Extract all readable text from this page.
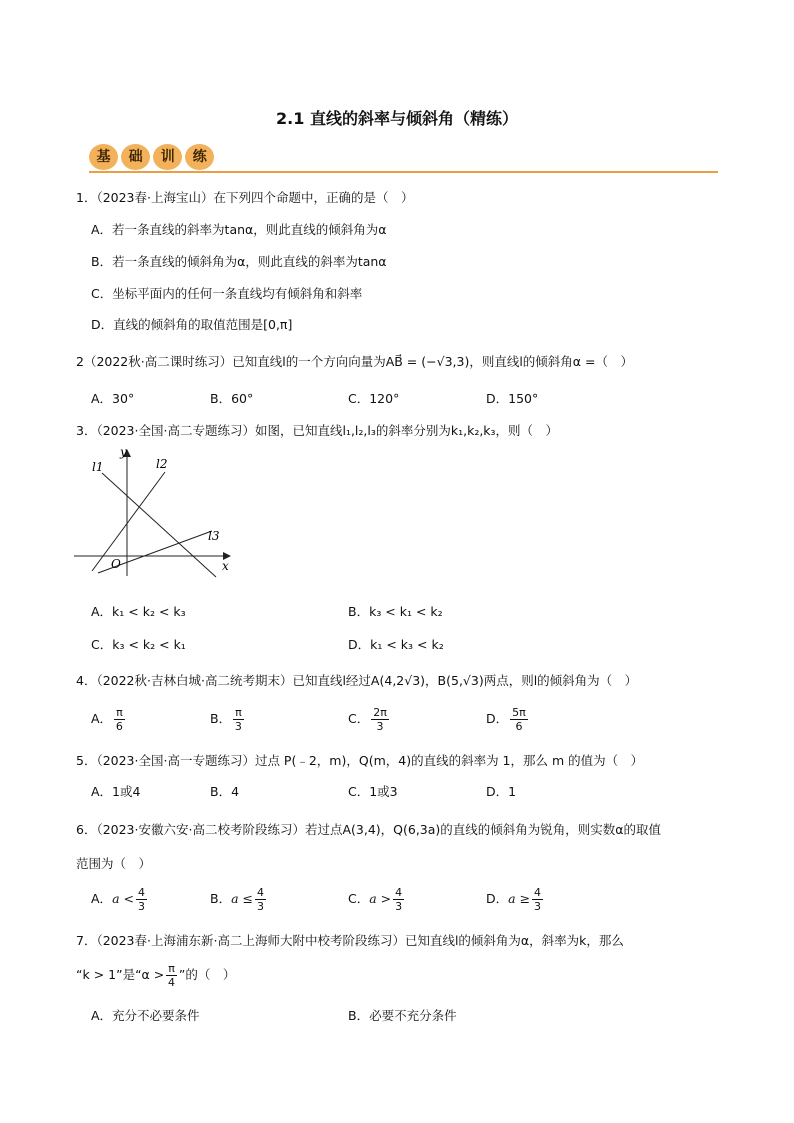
2.1 直线的斜率与倾斜角（精练）
基 础 训 练
1．（2023春·上海宝山）在下列四个命题中，正确的是（　）
A．若一条直线的斜率为tanα，则此直线的倾斜角为α
B．若一条直线的倾斜角为α，则此直线的斜率为tanα
C．坐标平面内的任何一条直线均有倾斜角和斜率
D．直线的倾斜角的取值范围是[0,π]
2（2022秋·高二课时练习）已知直线l的一个方向向量为AB⃗ = (−√3,3)，则直线l的倾斜角α =（　）
A．30°	B．60°	C．120°	D．150°
3．（2023·全国·高二专题练习）如图，已知直线l₁,l₂,l₃的斜率分别为k₁,k₂,k₃，则（　）
y
x
O
l1	l2
l3
A．k₁ < k₂ < k₃	B．k₃ < k₁ < k₂
C．k₃ < k₂ < k₁	D．k₁ < k₃ < k₂
4．（2022秋·吉林白城·高二统考期末）已知直线l经过A(4,2√3)，B(5,√3)两点，则l的倾斜角为（　）
A． $\frac{\pi}{6}$	B． $\frac{\pi}{3}$	C． $\frac{2\pi}{3}$	D． $\frac{5\pi}{6}$
5．（2023·全国·高一专题练习）过点 P(﹣2，m)，Q(m，4)的直线的斜率为 1，那么 m 的值为（　）
A．1或4	B．4	C．1或3	D．1
6．（2023·安徽六安·高二校考阶段练习）若过点A(3,4)，Q(6,3a)的直线的倾斜角为锐角，则实数α的取值
范围为（　）
A．$a < \frac{4}{3}$	B．$a \le \frac{4}{3}$	C．$a > \frac{4}{3}$	D．$a \ge \frac{4}{3}$
7．（2023春·上海浦东新·高二上海师大附中校考阶段练习）已知直线l的倾斜角为α，斜率为k，那么
“k > 1”是“$\alpha > \frac{\pi}{4}$ ”的（　）
A．充分不必要条件	B．必要不充分条件
